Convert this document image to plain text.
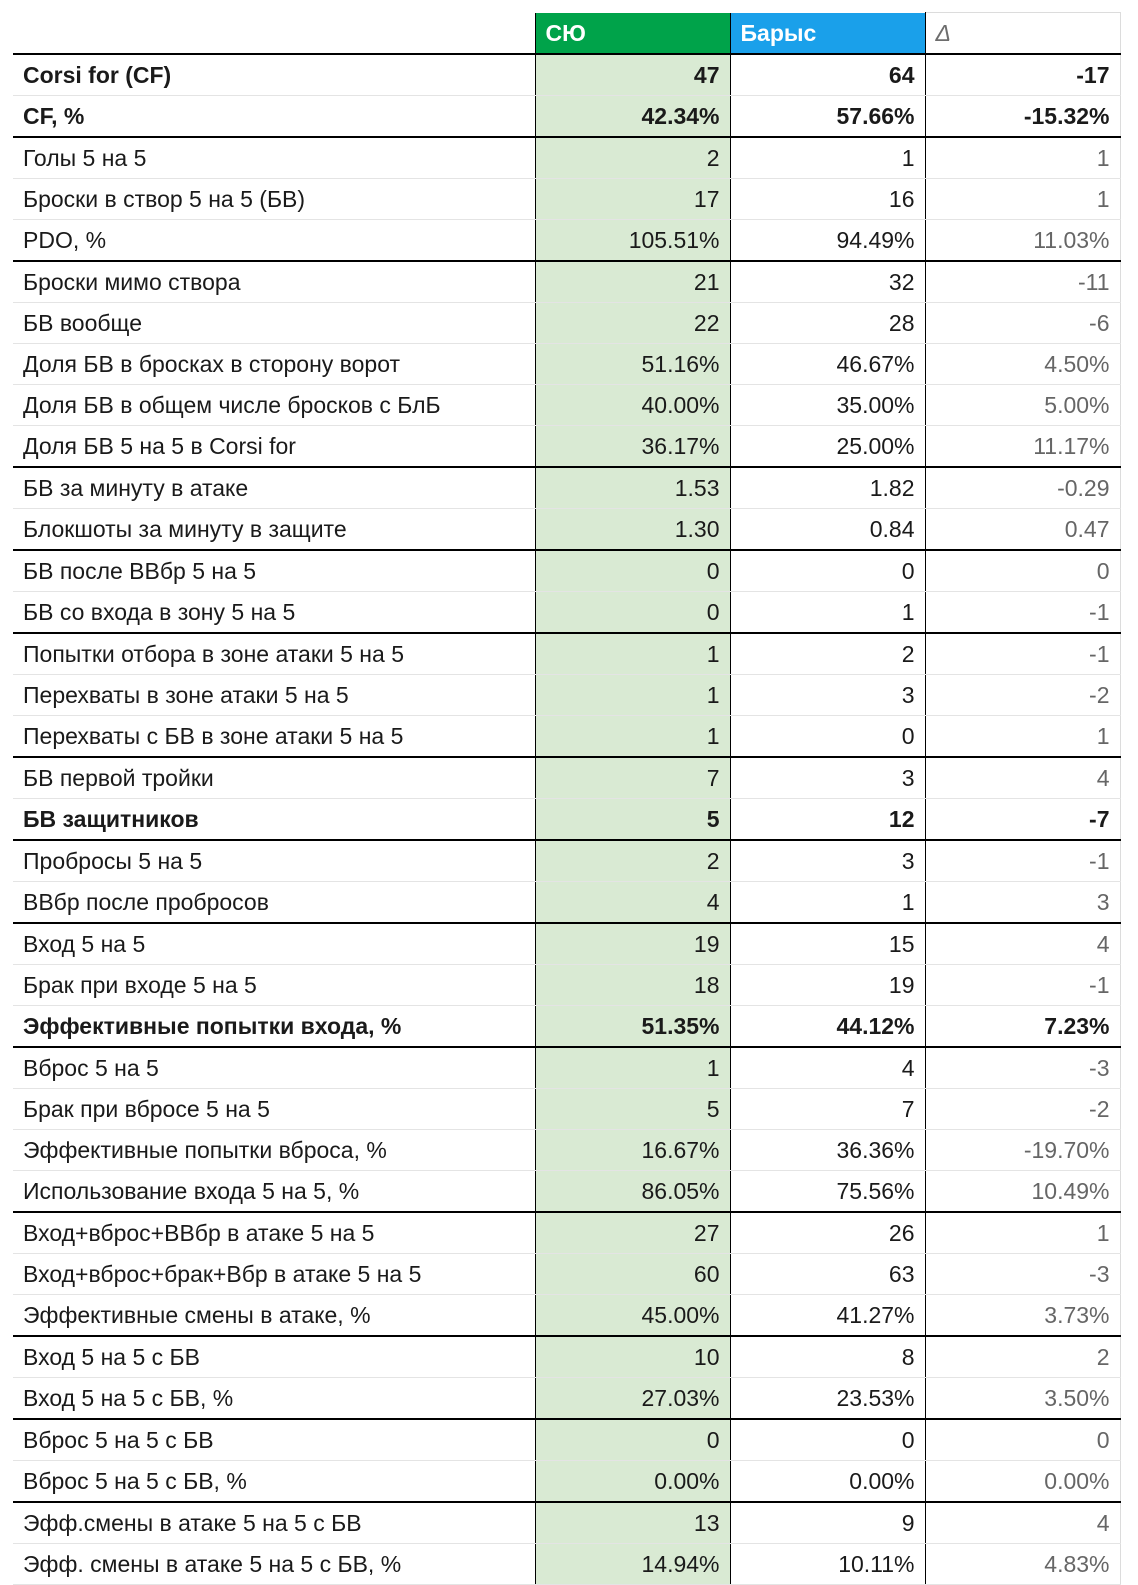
	СЮ	Барыс	Δ
Corsi for (CF)	47	64	-17
CF, %	42.34%	57.66%	-15.32%
Голы 5 на 5	2	1	1
Броски в створ 5 на 5 (БВ)	17	16	1
PDO, %	105.51%	94.49%	11.03%
Броски мимо створа	21	32	-11
БВ вообще	22	28	-6
Доля БВ в бросках в сторону ворот	51.16%	46.67%	4.50%
Доля БВ в общем числе бросков с БлБ	40.00%	35.00%	5.00%
Доля БВ 5 на 5 в Corsi for	36.17%	25.00%	11.17%
БВ за минуту в атаке	1.53	1.82	-0.29
Блокшоты за минуту в защите	1.30	0.84	0.47
БВ после ВВбр 5 на 5	0	0	0
БВ со входа в зону 5 на 5	0	1	-1
Попытки отбора в зоне атаки 5 на 5	1	2	-1
Перехваты в зоне атаки 5 на 5	1	3	-2
Перехваты с БВ в зоне атаки 5 на 5	1	0	1
БВ первой тройки	7	3	4
БВ защитников	5	12	-7
Пробросы 5 на 5	2	3	-1
ВВбр после пробросов	4	1	3
Вход 5 на 5	19	15	4
Брак при входе 5 на 5	18	19	-1
Эффективные попытки входа, %	51.35%	44.12%	7.23%
Вброс 5 на 5	1	4	-3
Брак при вбросе 5 на 5	5	7	-2
Эффективные попытки вброса, %	16.67%	36.36%	-19.70%
Использование входа 5 на 5, %	86.05%	75.56%	10.49%
Вход+вброс+ВВбр в атаке 5 на 5	27	26	1
Вход+вброс+брак+Вбр в атаке 5 на 5	60	63	-3
Эффективные смены в атаке, %	45.00%	41.27%	3.73%
Вход 5 на 5 с БВ	10	8	2
Вход 5 на 5 с БВ, %	27.03%	23.53%	3.50%
Вброс 5 на 5 с БВ	0	0	0
Вброс 5 на 5 с БВ, %	0.00%	0.00%	0.00%
Эфф.смены в атаке 5 на 5 с БВ	13	9	4
Эфф. смены в атаке 5 на 5 с БВ, %	14.94%	10.11%	4.83%
